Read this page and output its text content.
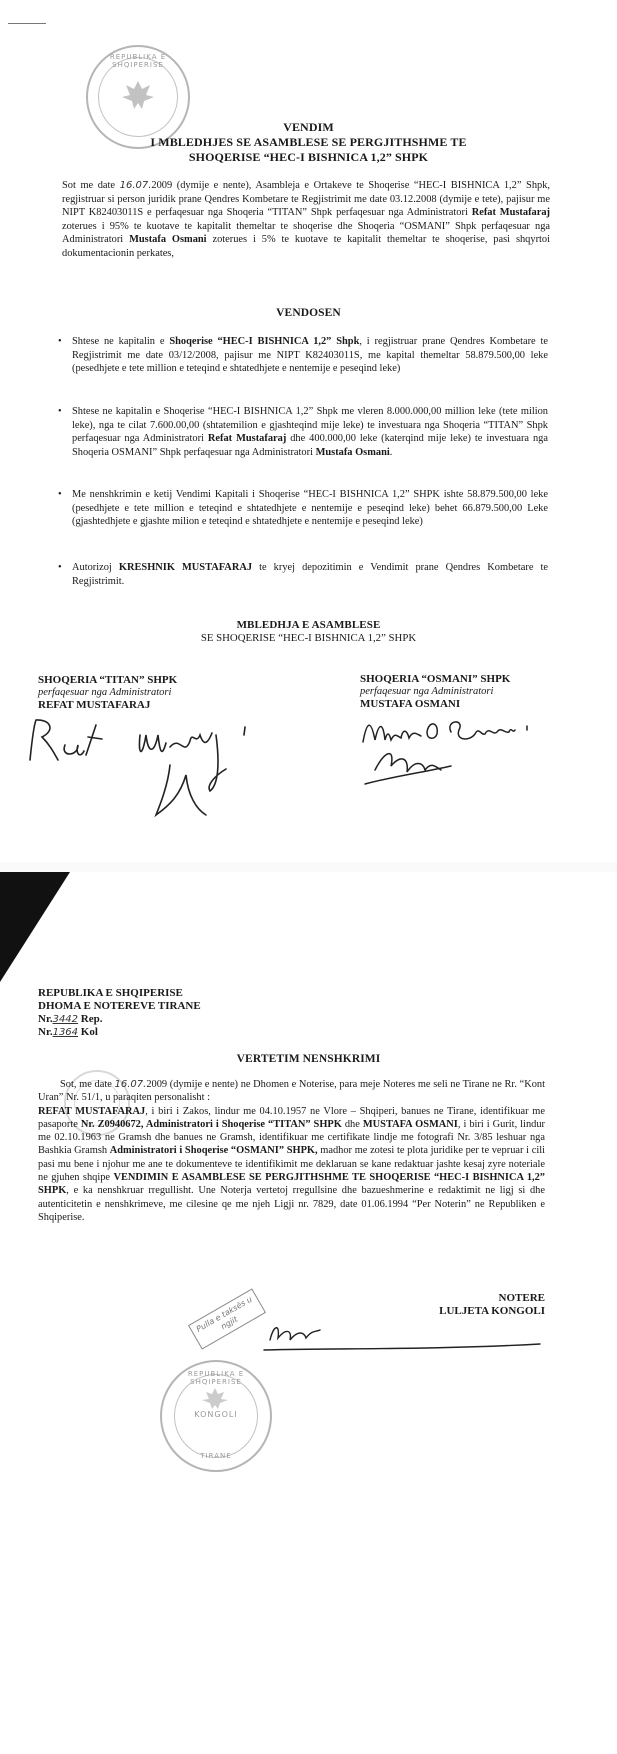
REPUBLIKA E SHQIPERISE
VENDIM
I MBLEDHJES SE ASAMBLESE SE PERGJITHSHME TE
SHOQERISE “HEC-I BISHNICA 1,2” SHPK
Sot me date 16.07.2009 (dymije e nente), Asambleja e Ortakeve te Shoqerise “HEC-I BISHNICA 1,2” Shpk, regjistruar si person juridik prane Qendres Kombetare te Regjistrimit me date 03.12.2008 (dymije e tete), pajisur me NIPT K82403011S e perfaqesuar nga Shoqeria “TITAN” Shpk perfaqesuar nga Administratori Refat Mustafaraj zoterues i 95% te kuotave te kapitalit themeltar te shoqerise dhe Shoqeria “OSMANI” Shpk perfaqesuar nga Administratori Mustafa Osmani zoterues i 5% te kuotave te kapitalit themeltar te shoqerise, pasi shqyrtoi dokumentacionin perkates,
VENDOSEN
• Shtese ne kapitalin e Shoqerise “HEC-I BISHNICA 1,2” Shpk, i regjistruar prane Qendres Kombetare te Regjistrimit me date 03/12/2008, pajisur me NIPT K82403011S, me kapital themeltar 58.879.500,00 leke (pesedhjete e tete million e teteqind e shtatedhjete e nentemije e peseqind leke)
• Shtese ne kapitalin e Shoqerise “HEC-I BISHNICA 1,2” Shpk me vleren 8.000.000,00 million leke (tete milion leke), nga te cilat 7.600.00,00 (shtatemilion e gjashteqind mije leke) te investuara nga Shoqeria “TITAN” Shpk perfaqesuar nga Administratori Refat Mustafaraj dhe 400.000,00 leke (katerqind mije leke) te investuara nga Shoqeria OSMANI” Shpk perfaqesuar nga Administratori Mustafa Osmani.
• Me nenshkrimin e ketij Vendimi Kapitali i Shoqerise “HEC-I BISHNICA 1,2” SHPK ishte 58.879.500,00 leke (pesedhjete e tete million e teteqind e shtatedhjete e nentemije e peseqind leke) behet 66.879.500,00 Leke (gjashtedhjete e gjashte milion e teteqind e shtatedhjete e nentemije e peseqind leke)
• Autorizoj KRESHNIK MUSTAFARAJ te kryej depozitimin e Vendimit prane Qendres Kombetare te Regjistrimit.
MBLEDHJA E ASAMBLESE
SE SHOQERISE “HEC-I BISHNICA 1,2” SHPK
SHOQERIA “TITAN” SHPK
perfaqesuar nga Administratori
REFAT MUSTAFARAJ
SHOQERIA “OSMANI” SHPK
perfaqesuar nga Administratori
MUSTAFA OSMANI
REPUBLIKA E SHQIPERISE
DHOMA E NOTEREVE TIRANE
Nr.3442 Rep.
Nr.1364 Kol
VERTETIM NENSHKRIMI
Sot, me date 16.07.2009 (dymije e nente) ne Dhomen e Noterise, para meje Noteres me seli ne Tirane ne Rr. “Kont Uran” Nr. 51/1, u paraqiten personalisht :
REFAT MUSTAFARAJ, i biri i Zakos, lindur me 04.10.1957 ne Vlore – Shqiperi, banues ne Tirane, identifikuar me pasaporte Nr. Z0940672, Administratori i Shoqerise “TITAN” SHPK dhe MUSTAFA OSMANI, i biri i Gurit, lindur me 02.10.1963 ne Gramsh dhe banues ne Gramsh, identifikuar me certifikate lindje me fotografi Nr. 3/85 leshuar nga Bashkia Gramsh Administratori i Shoqerise “OSMANI” SHPK, madhor me zotesi te plota juridike per te vepruar i cili pasi mu bene i njohur me ane te dokumenteve te identifikimit me deklaruan se kane redaktuar jashte kesaj zyre noteriale ne gjuhen shqipe VENDIMIN E ASAMBLESE SE PERGJITHSHME TE SHOQERISE “HEC-I BISHNICA 1,2” SHPK, e ka nenshkruar rregullisht. Une Noterja vertetoj rregullsine dhe bazueshmerine e redaktimit ne ligj si dhe autenticitetin e nenshkrimeve, me cilesine qe me njeh Ligji nr. 7829, date 01.06.1994 “Per Noterin” ne Republiken e Shqiperise.
NOTERE
LULJETA KONGOLI
Pulla e taksës u ngjit
REPUBLIKA E SHQIPERISE
KONGOLI
TIRANE
